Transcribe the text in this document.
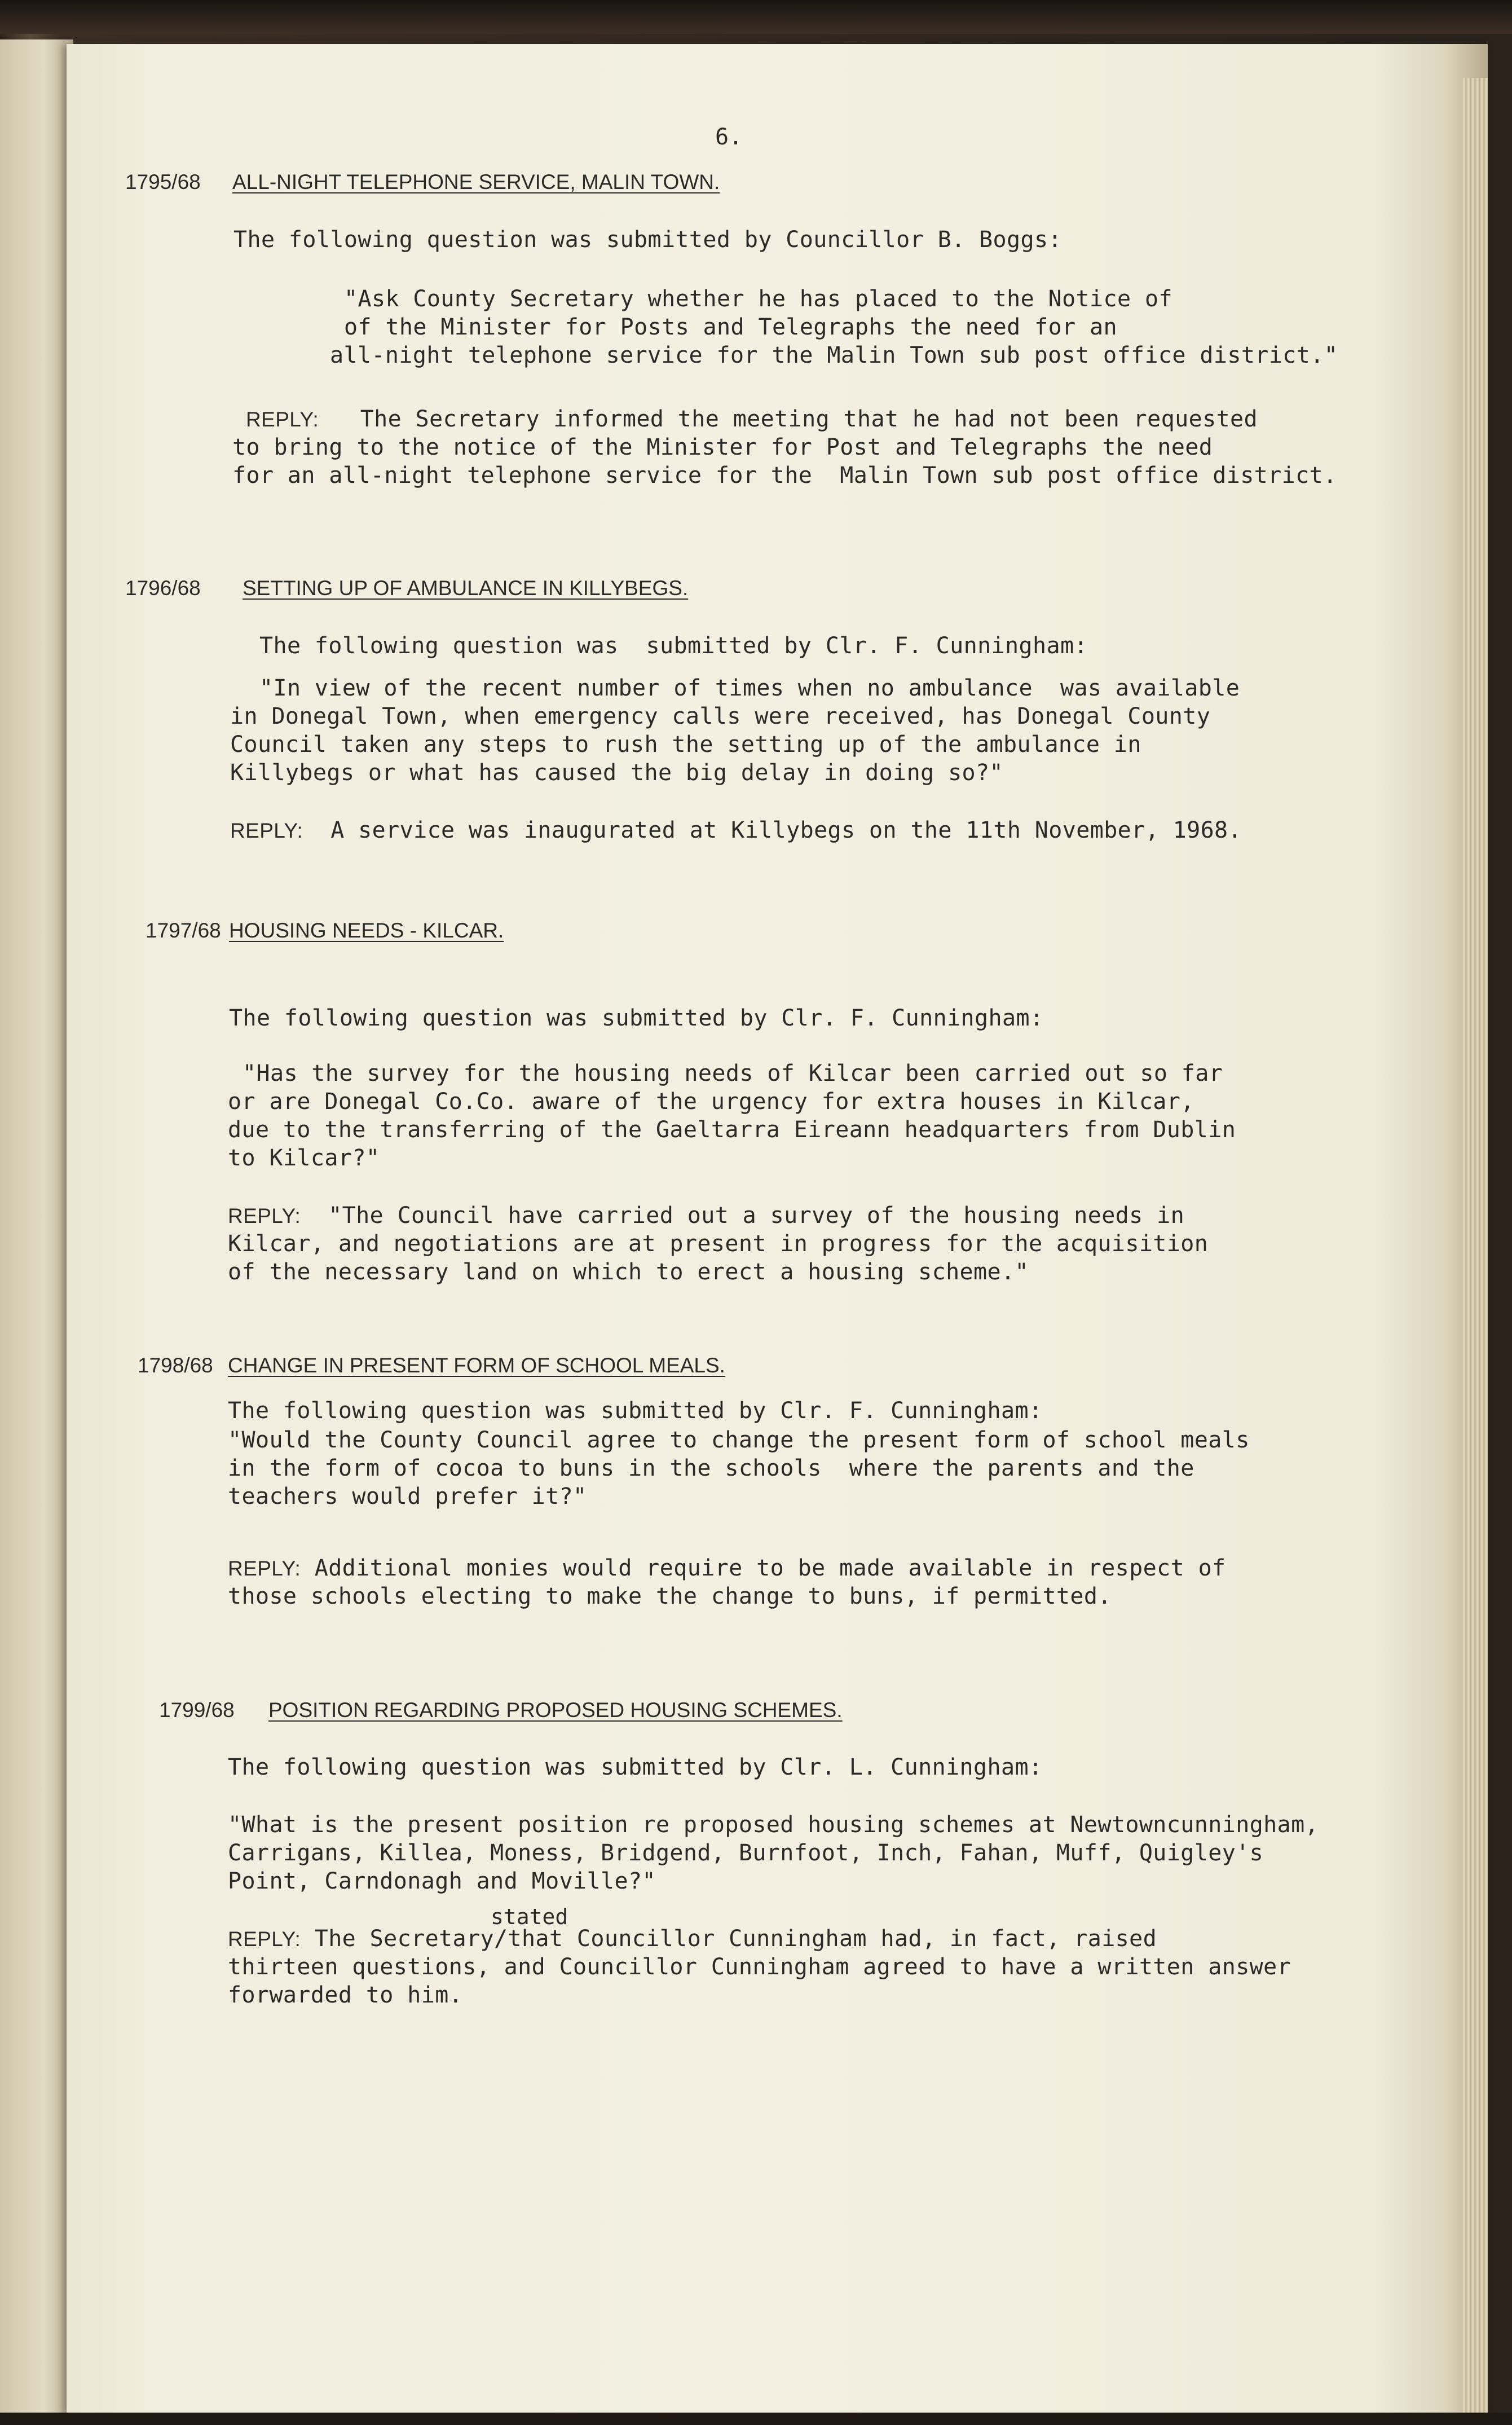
6.
1795/68 ALL-NIGHT TELEPHONE SERVICE, MALIN TOWN.
The following question was submitted by Councillor B. Boggs:
"Ask County Secretary whether he has placed to the Notice of
of the Minister for Posts and Telegraphs the need for an
all-night telephone service for the Malin Town sub post office district."
REPLY: The Secretary informed the meeting that he had not been requested
to bring to the notice of the Minister for Post and Telegraphs the need
for an all-night telephone service for the  Malin Town sub post office district.
1796/68 SETTING UP OF AMBULANCE IN KILLYBEGS.
The following question was  submitted by Clr. F. Cunningham:
"In view of the recent number of times when no ambulance  was available
in Donegal Town, when emergency calls were received, has Donegal County
Council taken any steps to rush the setting up of the ambulance in
Killybegs or what has caused the big delay in doing so?"
REPLY: A service was inaugurated at Killybegs on the 11th November, 1968.
1797/68 HOUSING NEEDS - KILCAR.
The following question was submitted by Clr. F. Cunningham:
"Has the survey for the housing needs of Kilcar been carried out so far
or are Donegal Co.Co. aware of the urgency for extra houses in Kilcar,
due to the transferring of the Gaeltarra Eireann headquarters from Dublin
to Kilcar?"
REPLY: "The Council have carried out a survey of the housing needs in
Kilcar, and negotiations are at present in progress for the acquisition
of the necessary land on which to erect a housing scheme."
1798/68 CHANGE IN PRESENT FORM OF SCHOOL MEALS.
The following question was submitted by Clr. F. Cunningham:
"Would the County Council agree to change the present form of school meals
in the form of cocoa to buns in the schools  where the parents and the
teachers would prefer it?"
REPLY: Additional monies would require to be made available in respect of
those schools electing to make the change to buns, if permitted.
1799/68 POSITION REGARDING PROPOSED HOUSING SCHEMES.
The following question was submitted by Clr. L. Cunningham:
"What is the present position re proposed housing schemes at Newtowncunningham,
Carrigans, Killea, Moness, Bridgend, Burnfoot, Inch, Fahan, Muff, Quigley's
Point, Carndonagh and Moville?"
stated
REPLY: The Secretary/that Councillor Cunningham had, in fact, raised
thirteen questions, and Councillor Cunningham agreed to have a written answer
forwarded to him.
